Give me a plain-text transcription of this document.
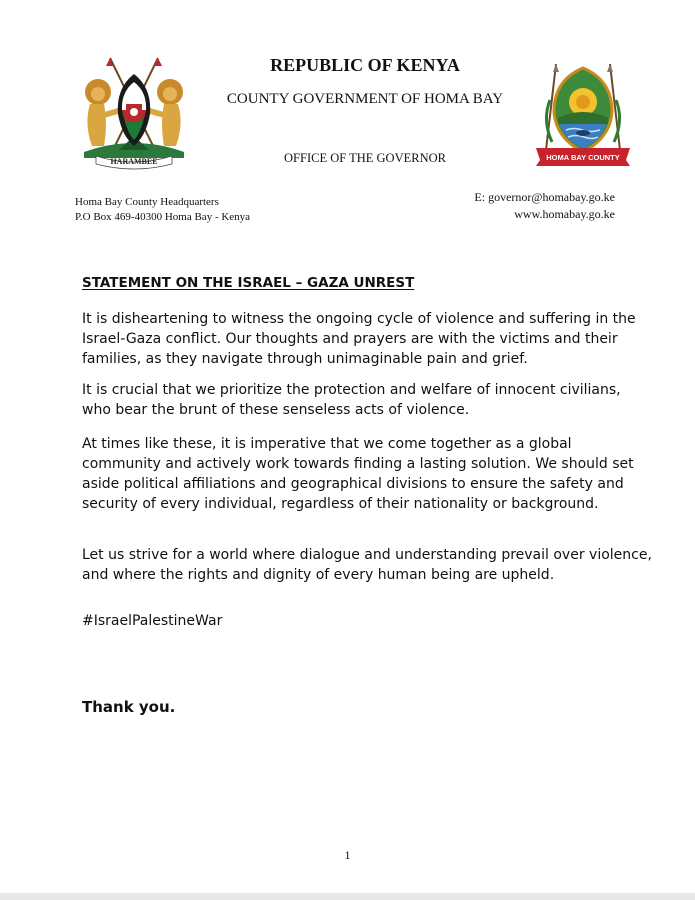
HARAMBEE	HOMA BAY COUNTY
REPUBLIC OF KENYA
COUNTY GOVERNMENT OF HOMA BAY
OFFICE OF THE GOVERNOR
Homa Bay County Headquarters
P.O Box 469-40300 Homa Bay - Kenya
E: governor@homabay.go.ke
www.homabay.go.ke
STATEMENT ON THE ISRAEL – GAZA UNREST

It is disheartening to witness the ongoing cycle of violence and suffering in the Israel-Gaza conflict. Our thoughts and prayers are with the victims and their families, as they navigate through unimaginable pain and grief.

It is crucial that we prioritize the protection and welfare of innocent civilians, who bear the brunt of these senseless acts of violence.

At times like these, it is imperative that we come together as a global community and actively work towards finding a lasting solution. We should set aside political affiliations and geographical divisions to ensure the safety and security of every individual, regardless of their nationality or background.

Let us strive for a world where dialogue and understanding prevail over violence, and where the rights and dignity of every human being are upheld.

#IsraelPalestineWar

Thank you.
1
